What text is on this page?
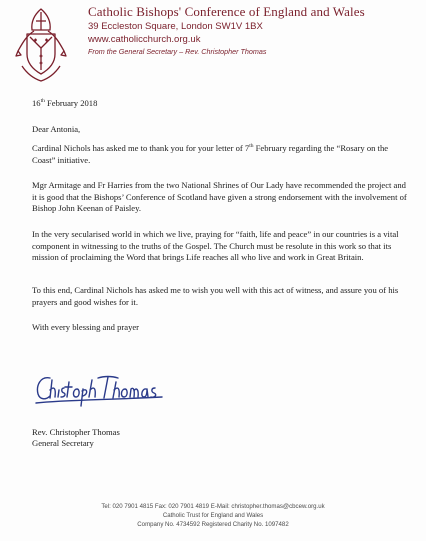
Catholic Bishops' Conference of England and Wales
39 Eccleston Square, London SW1V 1BX
www.catholicchurch.org.uk
From the General Secretary – Rev. Christopher Thomas
16th February 2018
Dear Antonia,

Cardinal Nichols has asked me to thank you for your letter of 7th February regarding the “Rosary on the Coast” initiative.

Mgr Armitage and Fr Harries from the two National Shrines of Our Lady have recommended the project and it is good that the Bishops’ Conference of Scotland have given a strong endorsement with the involvement of Bishop John Keenan of Paisley.

In the very secularised world in which we live, praying for “faith, life and peace” in our countries is a vital component in witnessing to the truths of the Gospel. The Church must be resolute in this work so that its mission of proclaiming the Word that brings Life reaches all who live and work in Great Britain.

To this end, Cardinal Nichols has asked me to wish you well with this act of witness, and assure you of his prayers and good wishes for it.

With every blessing and prayer
Rev. Christopher Thomas
General Secretary
Tel: 020 7901 4815 Fax: 020 7901 4819 E-Mail: christopher.thomas@cbcew.org.uk
Catholic Trust for England and Wales
Company No. 4734592 Registered Charity No. 1097482
